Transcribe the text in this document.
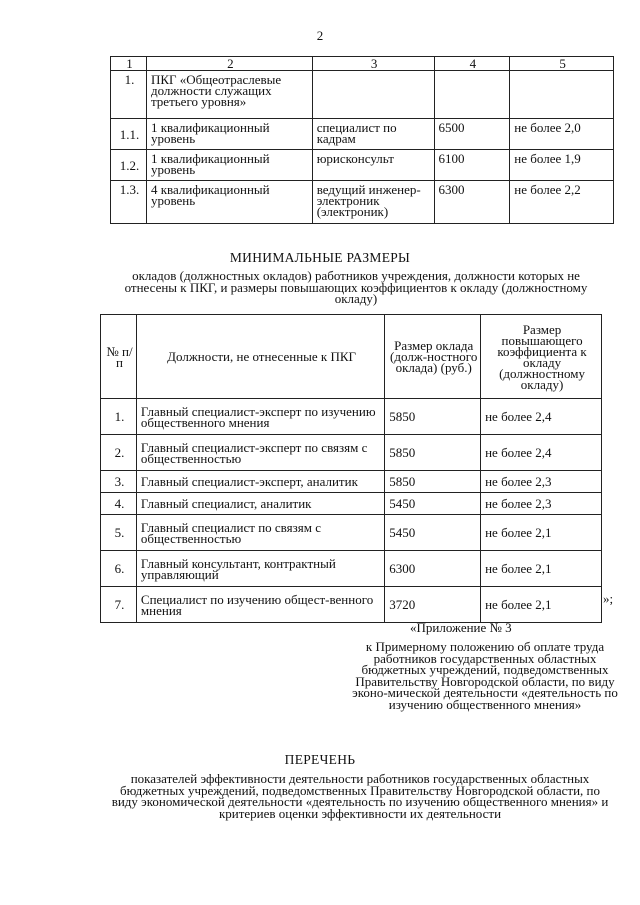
2
1	2	3	4	5
1.	ПКГ «Общеотраслевые должности служащих третьего уровня»			
1.1.	1 квалификационный уровень	специалист по кадрам	6500	не более 2,0
1.2.	1 квалификационный уровень	юрисконсульт	6100	не более 1,9
1.3.	4 квалификационный уровень	ведущий инженер-электроник (электроник)	6300	не более 2,2
МИНИМАЛЬНЫЕ РАЗМЕРЫ
окладов (должностных окладов) работников учреждения, должности которых не отнесены к ПКГ, и размеры повышающих коэффициентов к окладу (должностному окладу)
№ п/п	Должности, не отнесенные к ПКГ	Размер оклада (долж-ностного оклада) (руб.)	Размер повышающего коэффициента к окладу (должностному окладу)
1.	Главный специалист-эксперт по изучению общественного мнения	5850	не более 2,4
2.	Главный специалист-эксперт по связям с общественностью	5850	не более 2,4
3.	Главный специалист-эксперт, аналитик	5850	не более 2,3
4.	Главный специалист, аналитик	5450	не более 2,3
5.	Главный специалист по связям с общественностью	5450	не более 2,1
6.	Главный консультант, контрактный управляющий	6300	не более 2,1
7.	Специалист по изучению общест-венного мнения	3720	не более 2,1	»;
«Приложение № 3
к Примерному положению об оплате труда работников государственных областных бюджетных учреждений, подведомственных Правительству Новгородской области, по виду эконо-мической деятельности «деятельность по изучению общественного мнения»
ПЕРЕЧЕНЬ
показателей эффективности деятельности работников государственных областных бюджетных учреждений, подведомственных Правительству Новгородской области, по виду экономической деятельности «деятельность по изучению общественного мнения» и критериев оценки эффективности их деятельности
